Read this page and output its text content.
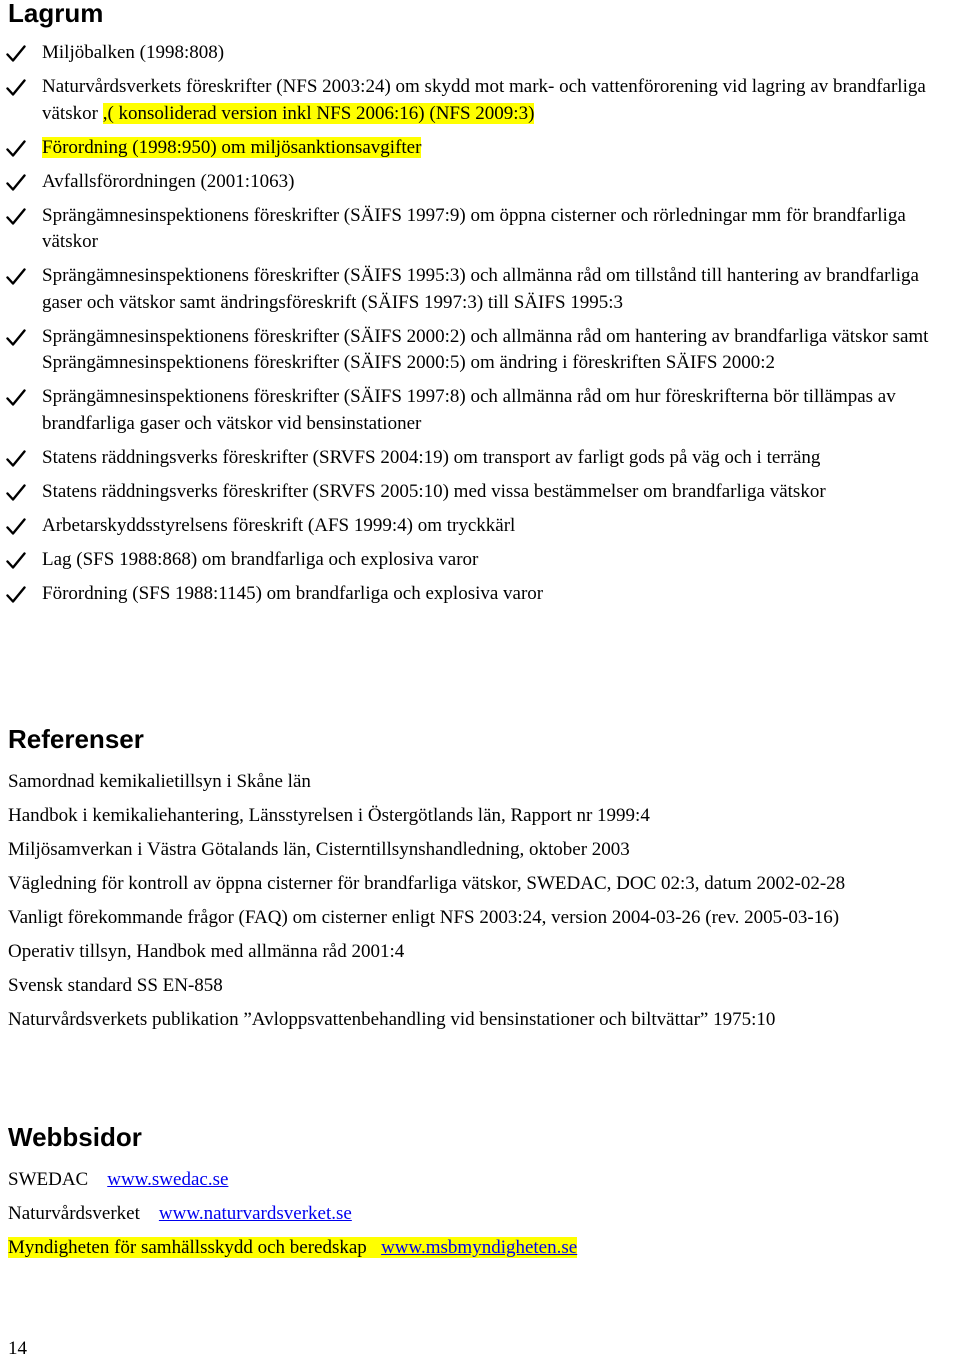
Lagrum
Miljöbalken (1998:808)
Naturvårdsverkets föreskrifter (NFS 2003:24) om skydd mot mark- och vattenförorening vid lagring av brandfarliga vätskor ,( konsoliderad version inkl NFS 2006:16) (NFS 2009:3)
Förordning (1998:950) om miljösanktionsavgifter
Avfallsförordningen (2001:1063)
Sprängämnesinspektionens föreskrifter (SÄIFS 1997:9) om öppna cisterner och rörledningar mm för brandfarliga vätskor
Sprängämnesinspektionens föreskrifter (SÄIFS 1995:3) och allmänna råd om tillstånd till hantering av brandfarliga gaser och vätskor samt ändringsföreskrift (SÄIFS 1997:3) till SÄIFS 1995:3
Sprängämnesinspektionens föreskrifter (SÄIFS 2000:2) och allmänna råd om hantering av brandfarliga vätskor samt Sprängämnesinspektionens föreskrifter (SÄIFS 2000:5) om ändring i föreskriften SÄIFS 2000:2
Sprängämnesinspektionens föreskrifter (SÄIFS 1997:8) och allmänna råd om hur föreskrifterna bör tillämpas av brandfarliga gaser och vätskor vid bensinstationer
Statens räddningsverks föreskrifter (SRVFS 2004:19) om transport av farligt gods på väg och i terräng
Statens räddningsverks föreskrifter (SRVFS 2005:10) med vissa bestämmelser om brandfarliga vätskor
Arbetarskyddsstyrelsens föreskrift (AFS 1999:4) om tryckkärl
Lag (SFS 1988:868) om brandfarliga och explosiva varor
Förordning (SFS 1988:1145) om brandfarliga och explosiva varor
Referenser

Samordnad kemikalietillsyn i Skåne län

Handbok i kemikaliehantering, Länsstyrelsen i Östergötlands län, Rapport nr 1999:4

Miljösamverkan i Västra Götalands län, Cisterntillsynshandledning, oktober 2003

Vägledning för kontroll av öppna cisterner för brandfarliga vätskor, SWEDAC, DOC 02:3, datum 2002-02-28

Vanligt förekommande frågor (FAQ) om cisterner enligt NFS 2003:24, version 2004-03-26 (rev. 2005-03-16)

Operativ tillsyn, Handbok med allmänna råd 2001:4

Svensk standard SS EN-858

Naturvårdsverkets publikation ”Avloppsvattenbehandling vid bensinstationer och biltvättar” 1975:10

Webbsidor
SWEDAC www.swedac.se
Naturvårdsverket www.naturvardsverket.se
Myndigheten för samhällsskydd och beredskap www.msbmyndigheten.se
14
